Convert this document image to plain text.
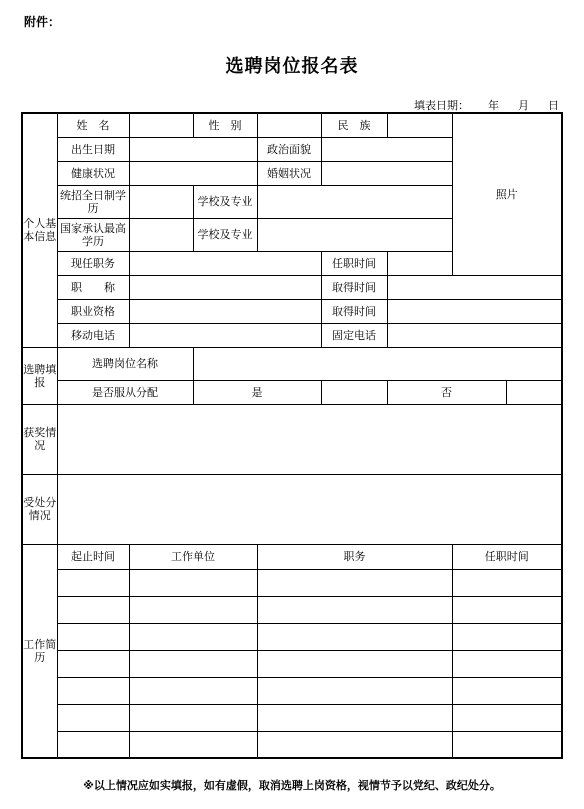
附件：
选聘岗位报名表
填表日期： 年 月 日
个人基本信息	姓　名		性　别		民　族		照片	
	出生日期			政治面貌				
	健康状况			婚姻状况				
	统招全日制学　历		学校及专业					
	国家承认最高学历		学校及专业					
	现任职务				任职时间			
	职　　称				取得时间			
	职业资格				取得时间			
	移动电话				固定电话			

选聘填报	选聘岗位名称							
	是否服从分配		是			否		
获奖情况								
受处分情况								
工作简历	起止时间	工作单位		职务			任职时间	

※以上情况应如实填报，如有虚假，取消选聘上岗资格，视情节予以党纪、政纪处分。
